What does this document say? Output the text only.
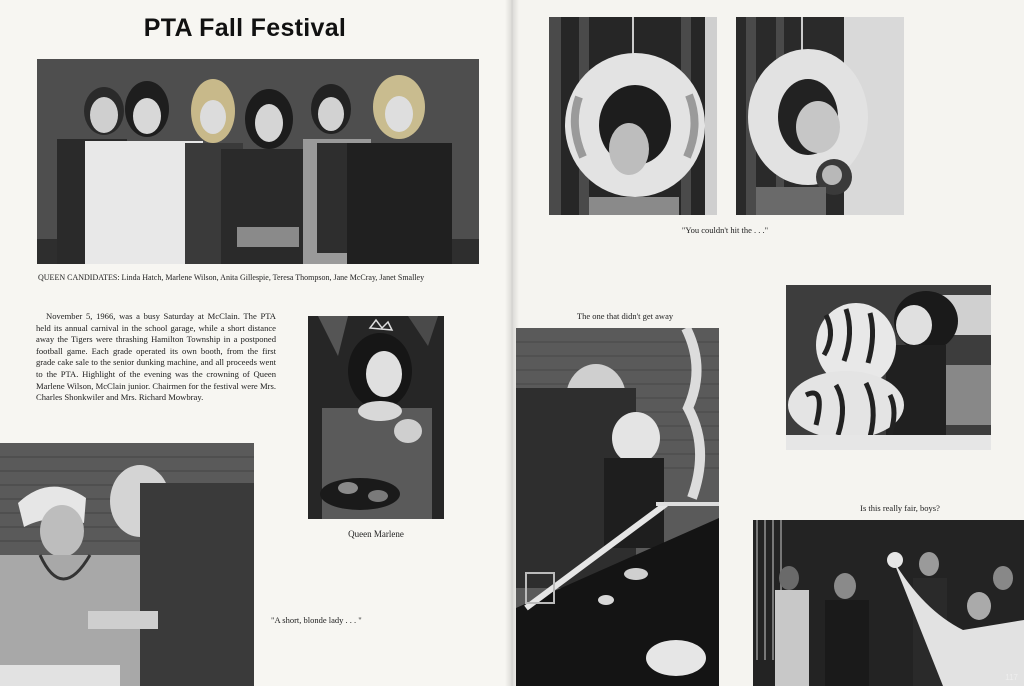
PTA Fall Festival
QUEEN CANDIDATES: Linda Hatch, Marlene Wilson, Anita Gillespie, Teresa Thompson, Jane McCray, Janet Smalley
November 5, 1966, was a busy Saturday at McClain. The PTA held its annual carnival in the school garage, while a short distance away the Tigers were thrashing Hamilton Township in a postponed football game. Each grade operated its own booth, from the first grade cake sale to the senior dunking machine, and all proceeds went to the PTA. Highlight of the evening was the crowning of Queen Marlene Wilson, McClain junior. Chairmen for the festival were Mrs. Charles Shonkwiler and Mrs. Richard Mowbray.
Queen Marlene
"A short, blonde lady . . . "
"You couldn't hit the . . ."
Is this really fair, boys?
The one that didn't get away
117
